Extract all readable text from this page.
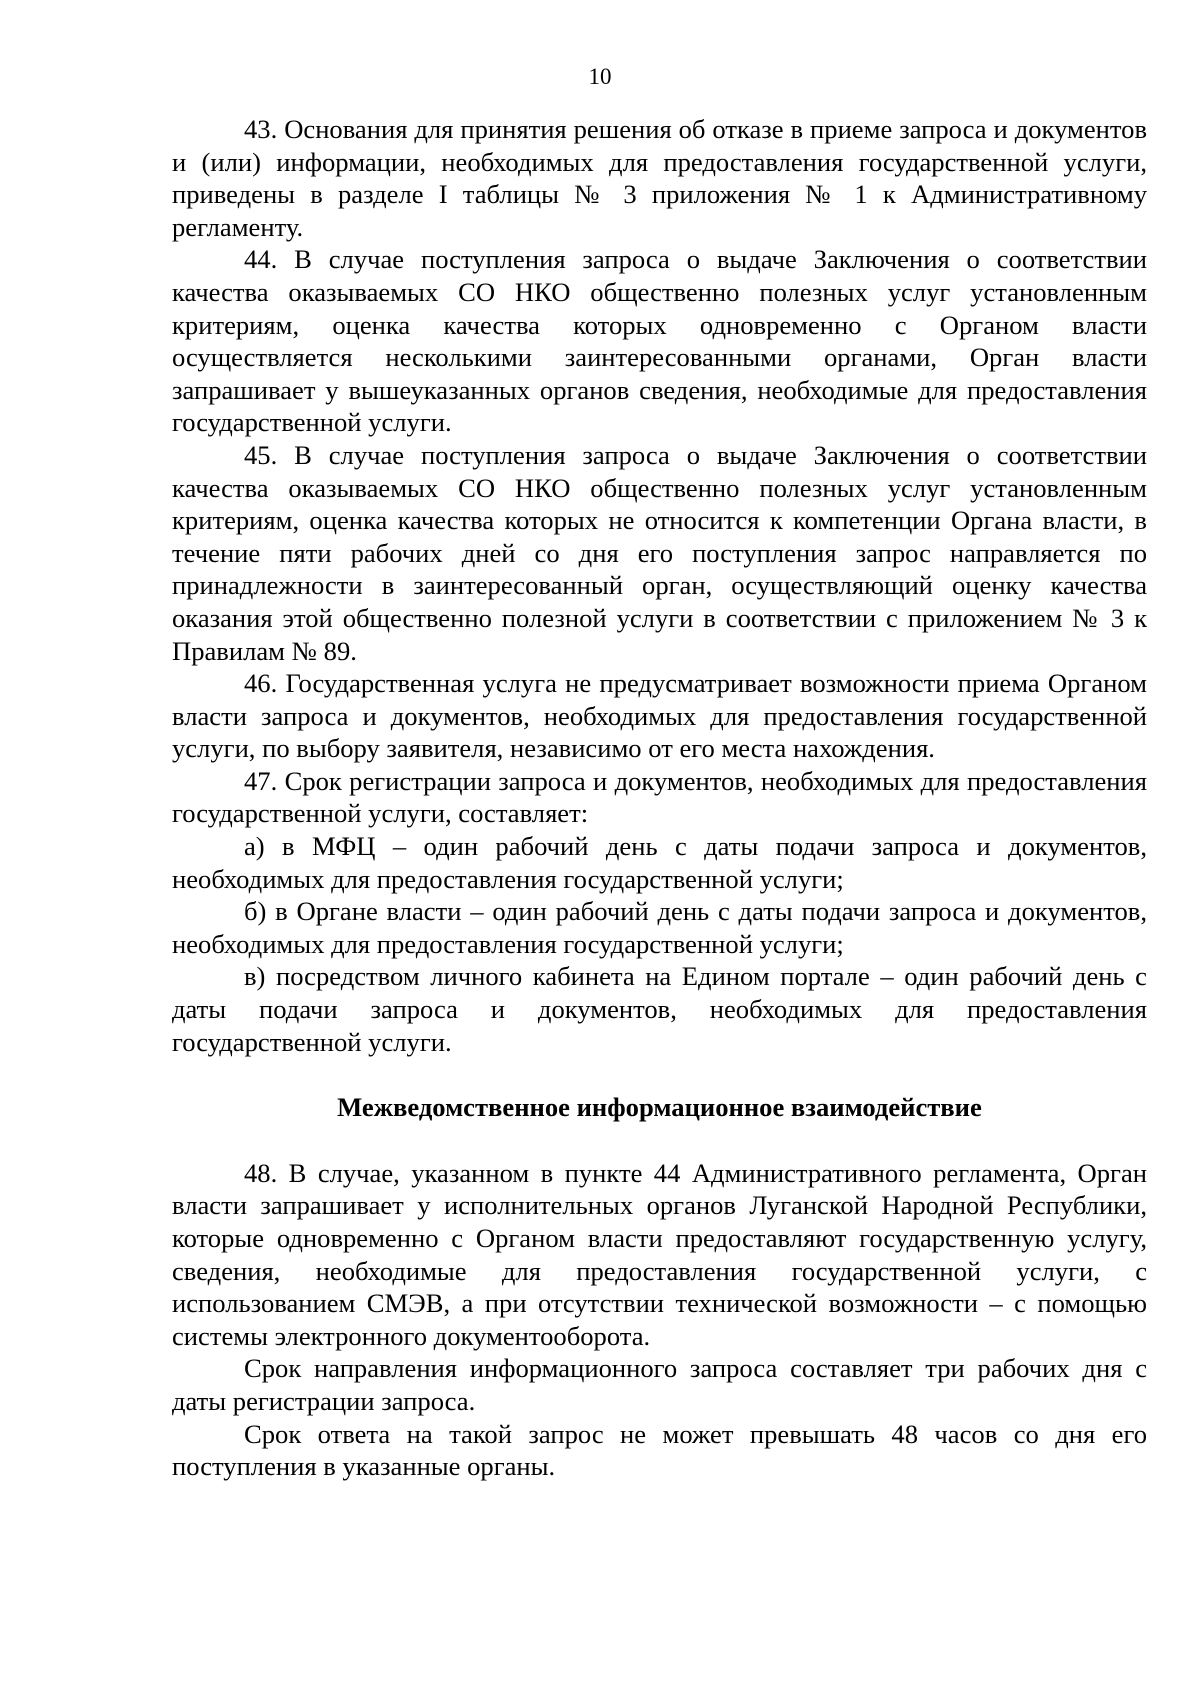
10

43. Основания для принятия решения об отказе в приеме запроса и документов и (или) информации, необходимых для предоставления государственной услуги, приведены в разделе I таблицы № 3 приложения № 1 к Административному регламенту.

44. В случае поступления запроса о выдаче Заключения о соответствии качества оказываемых СО НКО общественно полезных услуг установленным критериям, оценка качества которых одновременно с Органом власти осуществляется несколькими заинтересованными органами, Орган власти запрашивает у вышеуказанных органов сведения, необходимые для предоставления государственной услуги.

45. В случае поступления запроса о выдаче Заключения о соответствии качества оказываемых СО НКО общественно полезных услуг установленным критериям, оценка качества которых не относится к компетенции Органа власти, в течение пяти рабочих дней со дня его поступления запрос направляется по принадлежности в заинтересованный орган, осуществляющий оценку качества оказания этой общественно полезной услуги в соответствии с приложением № 3 к Правилам № 89.

46. Государственная услуга не предусматривает возможности приема Органом власти запроса и документов, необходимых для предоставления государственной услуги, по выбору заявителя, независимо от его места нахождения.

47. Срок регистрации запроса и документов, необходимых для предоставления государственной услуги, составляет:

а) в МФЦ – один рабочий день с даты подачи запроса и документов, необходимых для предоставления государственной услуги;

б) в Органе власти – один рабочий день с даты подачи запроса и документов, необходимых для предоставления государственной услуги;

в) посредством личного кабинета на Едином портале – один рабочий день с даты подачи запроса и документов, необходимых для предоставления государственной услуги.

Межведомственное информационное взаимодействие

48. В случае, указанном в пункте 44 Административного регламента, Орган власти запрашивает у исполнительных органов Луганской Народной Республики, которые одновременно с Органом власти предоставляют государственную услугу, сведения, необходимые для предоставления государственной услуги, с использованием СМЭВ, а при отсутствии технической возможности – с помощью системы электронного документооборота.

Срок направления информационного запроса составляет три рабочих дня с даты регистрации запроса.

Срок ответа на такой запрос не может превышать 48 часов со дня его поступления в указанные органы.
